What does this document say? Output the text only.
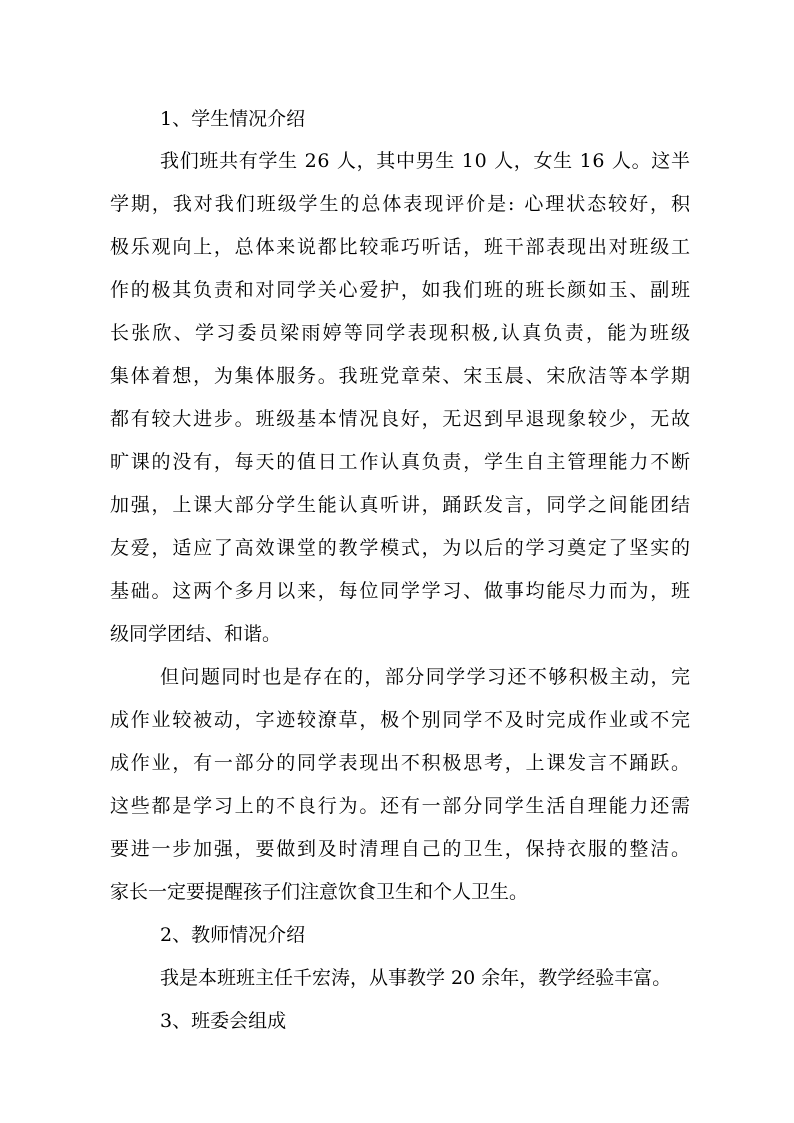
1、学生情况介绍
我们班共有学生 26 人，其中男生 10 人，女生 16 人。这半
学期，我对我们班级学生的总体表现评价是: 心理状态较好，积
极乐观向上，总体来说都比较乖巧听话，班干部表现出对班级工
作的极其负责和对同学关心爱护，如我们班的班长颜如玉、副班
长张欣、学习委员梁雨婷等同学表现积极,认真负责，能为班级
集体着想，为集体服务。我班党章荣、宋玉晨、宋欣洁等本学期
都有较大进步。班级基本情况良好，无迟到早退现象较少，无故
旷课的没有，每天的值日工作认真负责，学生自主管理能力不断
加强，上课大部分学生能认真听讲，踊跃发言，同学之间能团结
友爱，适应了高效课堂的教学模式，为以后的学习奠定了坚实的
基础。这两个多月以来，每位同学学习、做事均能尽力而为，班
级同学团结、和谐。
但问题同时也是存在的，部分同学学习还不够积极主动，完
成作业较被动，字迹较潦草，极个别同学不及时完成作业或不完
成作业，有一部分的同学表现出不积极思考，上课发言不踊跃。
这些都是学习上的不良行为。还有一部分同学生活自理能力还需
要进一步加强，要做到及时清理自己的卫生，保持衣服的整洁。
家长一定要提醒孩子们注意饮食卫生和个人卫生。
2、教师情况介绍
我是本班班主任千宏涛，从事教学 20 余年，教学经验丰富。
3、班委会组成
